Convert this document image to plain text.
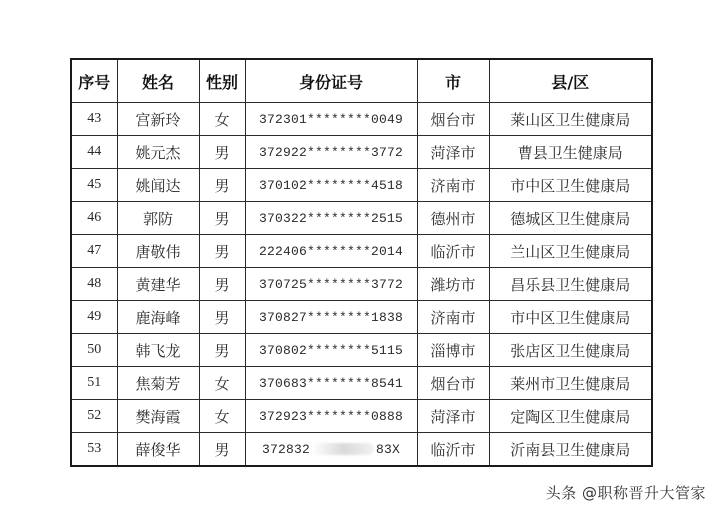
序号	姓名	性别	身份证号	市	县/区
43	宫新玲	女	372301********0049	烟台市	莱山区卫生健康局
44	姚元杰	男	372922********3772	菏泽市	曹县卫生健康局
45	姚闻达	男	370102********4518	济南市	市中区卫生健康局
46	郭防	男	370322********2515	德州市	德城区卫生健康局
47	唐敬伟	男	222406********2014	临沂市	兰山区卫生健康局
48	黄建华	男	370725********3772	潍坊市	昌乐县卫生健康局
49	鹿海峰	男	370827********1838	济南市	市中区卫生健康局
50	韩飞龙	男	370802********5115	淄博市	张店区卫生健康局
51	焦菊芳	女	370683********8541	烟台市	莱州市卫生健康局
52	樊海霞	女	372923********0888	菏泽市	定陶区卫生健康局
53	薛俊华	男	372832 83X	临沂市	沂南县卫生健康局
头条 @职称晋升大管家
